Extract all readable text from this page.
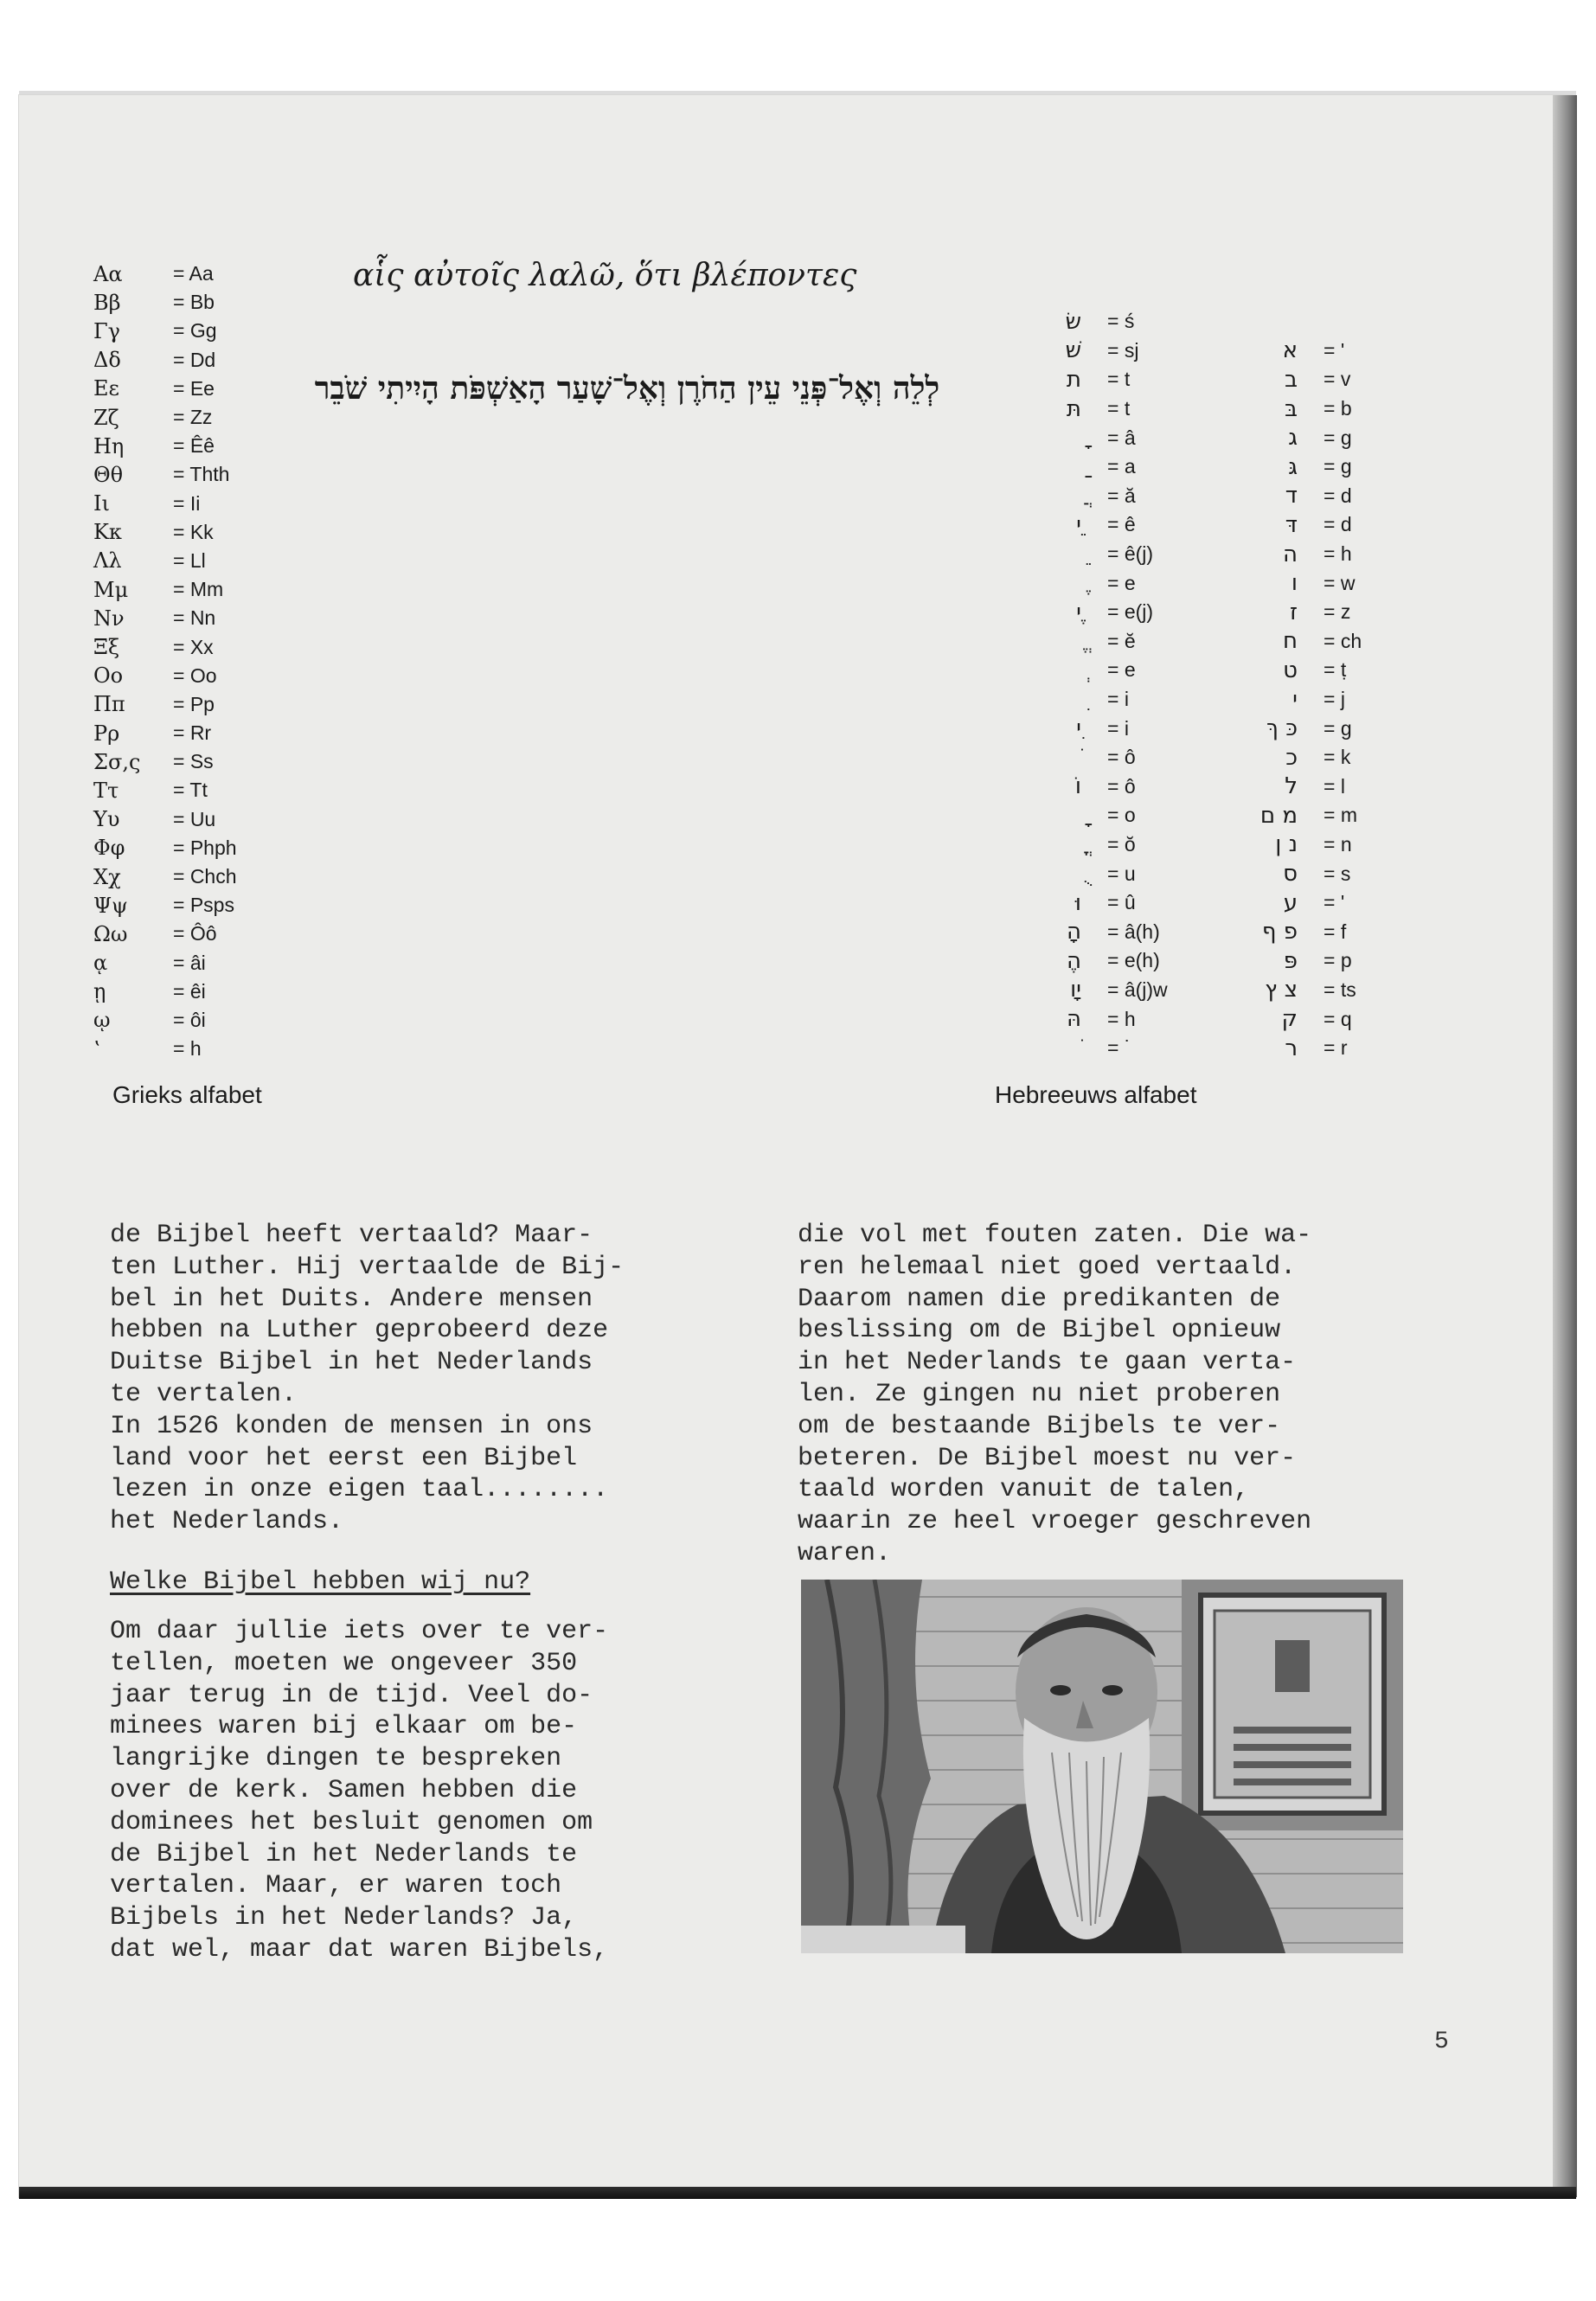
αἷς αὐτοῖς λαλῶ, ὅτι βλέποντες
לְלֵה וְאֶל־פְּנֵי עֵין הַחֹרֶן וְאֶל־שָׁעַר הָאַשְׁפֹּת הָיִיתִי שֹׁבֵר
Αα	= Aa
Ββ	= Bb
Γγ	= Gg
Δδ	= Dd
Εε	= Ee
Ζζ	= Zz
Ηη	= Êê
Θθ	= Thth
Ιι	= Ii
Κκ	= Kk
Λλ	= Ll
Μμ	= Mm
Νν	= Nn
Ξξ	= Xx
Οο	= Oo
Ππ	= Pp
Ρρ	= Rr
Σσ,ς	= Ss
Ττ	= Tt
Υυ	= Uu
Φφ	= Phph
Χχ	= Chch
Ψψ	= Psps
Ωω	= Ôô
ᾳ	= âi
ῃ	= êi
ῳ	= ôi
ʽ	= h
שׂ	= ś
שׁ	= sj	א	= '
ת	= t	ב	= v
תּ	= t	בּ	= b
= â	ג	= g
= a	גּ	= g
= ă	ד	= d
ֵי	= ê	דּ	= d
= ê(j)	ה	= h
= e	ו	= w
ֶי	= e(j)	ז	= z
= ĕ	ח	= ch
= e	ט	= ṭ
= i	י	= j
ִי	= i	כּ ךּ	= g
= ô	כ	= k
וֹ	= ô	ל	= l
= o	מ ם	= m
= ŏ	נ ן	= n
= u	ס	= s
וּ	= û	ע	= '
ָה	= â(h)	פ ף	= f
ֶה	= e(h)	פּ	= p
ָיו	= â(j)w	צ ץ	= ts
הּ	= h	ק	= q
= ˙	ר	= r
Grieks alfabet	Hebreeuws alfabet

de Bijbel heeft vertaald? Maar-

ten Luther. Hij vertaalde de Bij-

bel in het Duits. Andere mensen

hebben na Luther geprobeerd deze

Duitse Bijbel in het Nederlands

te vertalen.

In 1526 konden de mensen in ons

land voor het eerst een Bijbel

lezen in onze eigen taal........

het Nederlands.

Welke Bijbel hebben wij nu?

Om daar jullie iets over te ver-

tellen, moeten we ongeveer 350

jaar terug in de tijd. Veel do-

minees waren bij elkaar om be-

langrijke dingen te bespreken

over de kerk. Samen hebben die

dominees het besluit genomen om

de Bijbel in het Nederlands te

vertalen. Maar, er waren toch

Bijbels in het Nederlands? Ja,

dat wel, maar dat waren Bijbels,

die vol met fouten zaten. Die wa-

ren helemaal niet goed vertaald.

Daarom namen die predikanten de

beslissing om de Bijbel opnieuw

in het Nederlands te gaan verta-

len. Ze gingen nu niet proberen

om de bestaande Bijbels te ver-

beteren. De Bijbel moest nu ver-

taald worden vanuit de talen,

waarin ze heel vroeger geschreven

waren.

5
